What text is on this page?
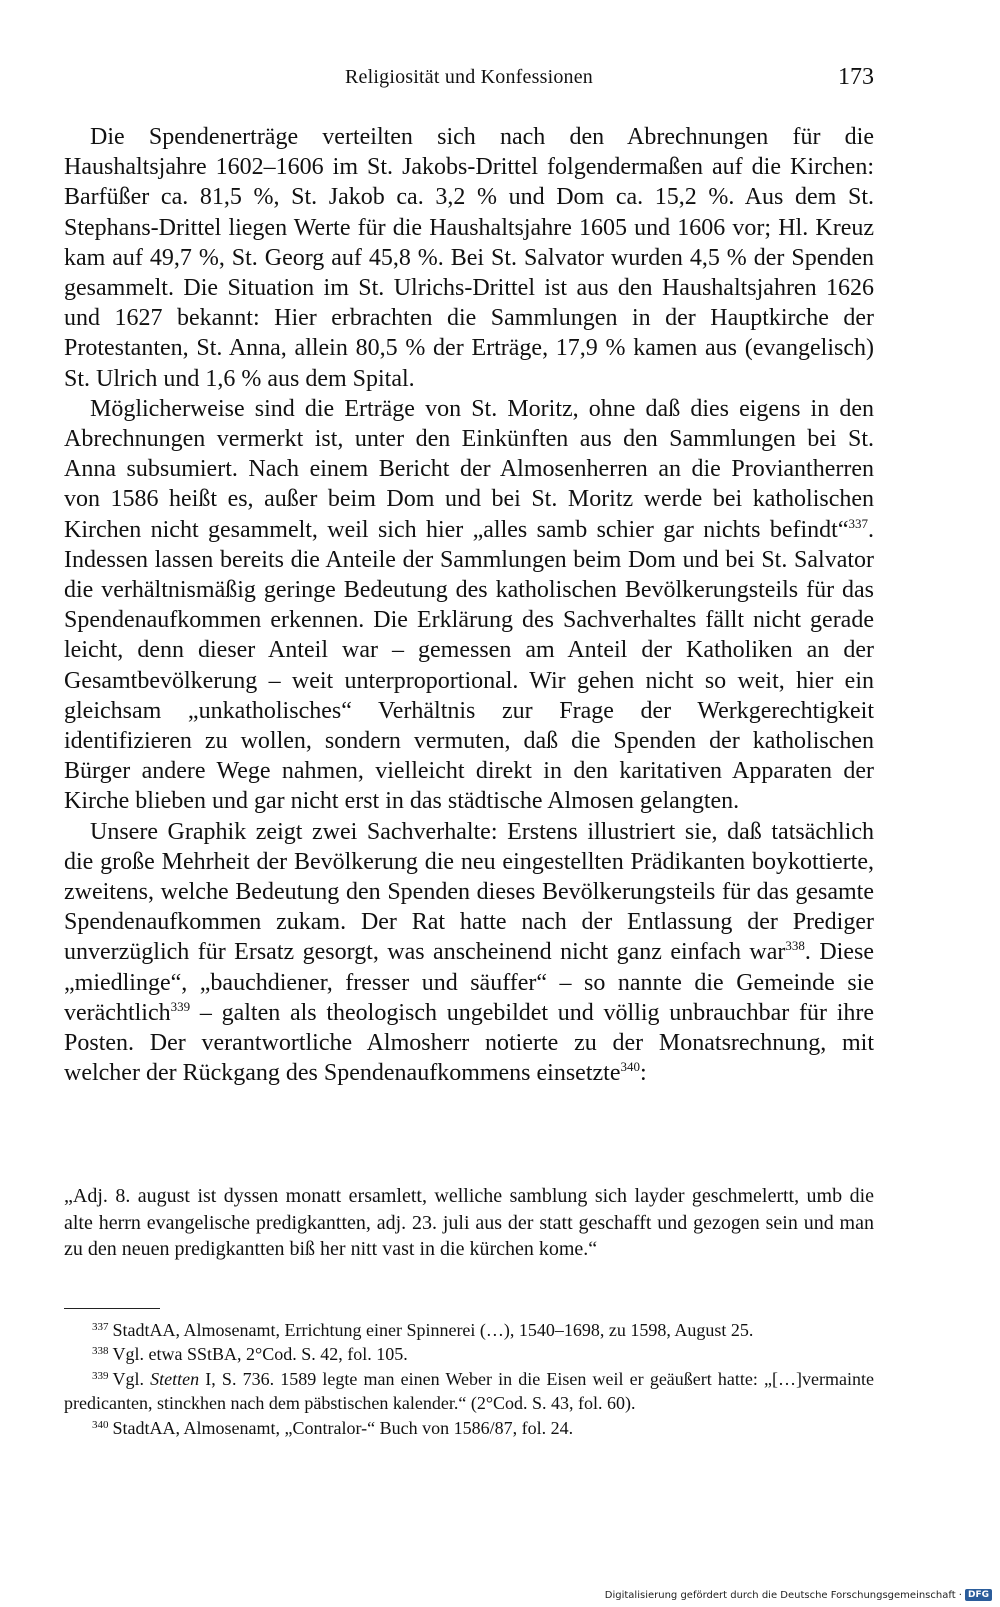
Religiosität und Konfessionen	173

Die Spendenerträge verteilten sich nach den Abrechnungen für die Haushaltsjahre 1602–1606 im St. Jakobs-Drittel folgendermaßen auf die Kirchen: Barfüßer ca. 81,5 %, St. Jakob ca. 3,2 % und Dom ca. 15,2 %. Aus dem St. Stephans-Drittel liegen Werte für die Haushaltsjahre 1605 und 1606 vor; Hl. Kreuz kam auf 49,7 %, St. Georg auf 45,8 %. Bei St. Salvator wurden 4,5 % der Spenden gesammelt. Die Situation im St. Ulrichs-Drittel ist aus den Haushaltsjahren 1626 und 1627 bekannt: Hier erbrachten die Sammlungen in der Hauptkirche der Protestanten, St. Anna, allein 80,5 % der Erträge, 17,9 % kamen aus (evangelisch) St. Ulrich und 1,6 % aus dem Spital.

Möglicherweise sind die Erträge von St. Moritz, ohne daß dies eigens in den Abrechnungen vermerkt ist, unter den Einkünften aus den Sammlungen bei St. Anna subsumiert. Nach einem Bericht der Almosenherren an die Proviantherren von 1586 heißt es, außer beim Dom und bei St. Moritz werde bei katholischen Kirchen nicht gesammelt, weil sich hier „alles samb schier gar nichts befindt“$^{337}$. Indessen lassen bereits die Anteile der Sammlungen beim Dom und bei St. Salvator die verhältnismäßig geringe Bedeutung des katholischen Bevölkerungsteils für das Spendenaufkommen erkennen. Die Erklärung des Sachverhaltes fällt nicht gerade leicht, denn dieser Anteil war – gemessen am Anteil der Katholiken an der Gesamtbevölkerung – weit unterproportional. Wir gehen nicht so weit, hier ein gleichsam „unkatholisches“ Verhältnis zur Frage der Werkgerechtigkeit identifizieren zu wollen, sondern vermuten, daß die Spenden der katholischen Bürger andere Wege nahmen, vielleicht direkt in den karitativen Apparaten der Kirche blieben und gar nicht erst in das städtische Almosen gelangten.

Unsere Graphik zeigt zwei Sachverhalte: Erstens illustriert sie, daß tatsächlich die große Mehrheit der Bevölkerung die neu eingestellten Prädikanten boykottierte, zweitens, welche Bedeutung den Spenden dieses Bevölkerungsteils für das gesamte Spendenaufkommen zukam. Der Rat hatte nach der Entlassung der Prediger unverzüglich für Ersatz gesorgt, was anscheinend nicht ganz einfach war$^{338}$. Diese „miedlinge“, „bauchdiener, fresser und säuffer“ – so nannte die Gemeinde sie verächtlich$^{339}$ – galten als theologisch ungebildet und völlig unbrauchbar für ihre Posten. Der verantwortliche Almosherr notierte zu der Monatsrechnung, mit welcher der Rückgang des Spendenaufkommens einsetzte$^{340}$:

„Adj. 8. august ist dyssen monatt ersamlett, welliche samblung sich layder geschmelertt, umb die alte herrn evangelische predigkantten, adj. 23. juli aus der statt geschafft und gezogen sein und man zu den neuen predigkantten biß her nitt vast in die kürchen kome.“

$^{337}$ StadtAA, Almosenamt, Errichtung einer Spinnerei (…), 1540–1698, zu 1598, August 25.

$^{338}$ Vgl. etwa SStBA, 2°Cod. S. 42, fol. 105.

$^{339}$ Vgl. Stetten I, S. 736. 1589 legte man einen Weber in die Eisen weil er geäußert hatte: „[…]vermainte predicanten, stinckhen nach dem päbstischen kalender.“ (2°Cod. S. 43, fol. 60).

$^{340}$ StadtAA, Almosenamt, „Contralor-“ Buch von 1586/87, fol. 24.

Digitalisierung gefördert durch die Deutsche Forschungsgemeinschaft · DFG
